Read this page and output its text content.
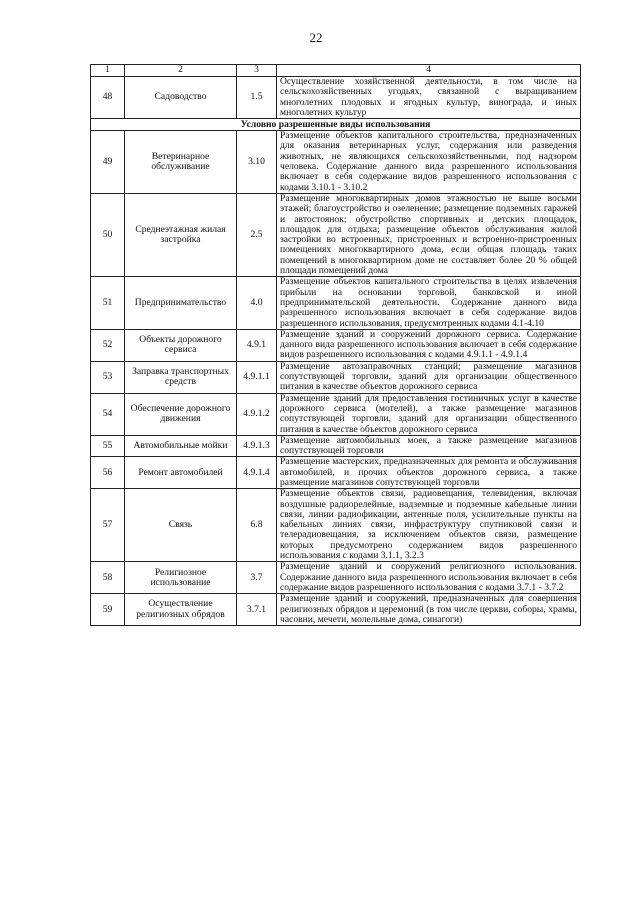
22
1	2	3	4
48	Садоводство	1.5	Осуществление хозяйственной деятельности, в том числе на сельскохозяйственных угодьях, связанной с выращиванием многолетних плодовых и ягодных культур, винограда, и иных многолетних культур
Условно разрешенные виды использования			
49	Ветеринарное обслуживание	3.10	Размещение объектов капитального строительства, предназначенных для оказания ветеринарных услуг, содержания или разведения животных, не являющихся сельскохозяйственными, под надзором человека. Содержание данного вида разрешенного использования включает в себя содержание видов разрешенного использования с кодами 3.10.1 - 3.10.2
50	Среднеэтажная жилая застройка	2.5	Размещение многоквартирных домов этажностью не выше восьми этажей; благоустройство и озеленение; размещение подземных гаражей и автостоянок; обустройство спортивных и детских площадок, площадок для отдыха; размещение объектов обслуживания жилой застройки во встроенных, пристроенных и встроенно-пристроенных помещениях многоквартирного дома, если общая площадь таких помещений в многоквартирном доме не составляет более 20 % общей площади помещений дома
51	Предпринимательство	4.0	Размещение объектов капитального строительства в целях извлечения прибыли на основании торговой, банковской и иной предпринимательской деятельности. Содержание данного вида разрешенного использования включает в себя содержание видов разрешенного использования, предусмотренных кодами 4.1-4.10
52	Объекты дорожного сервиса	4.9.1	Размещение зданий и сооружений дорожного сервиса. Содержание данного вида разрешенного использования включает в себя содержание видов разрешенного использования с кодами 4.9.1.1 - 4.9.1.4
53	Заправка транспортных средств	4.9.1.1	Размещение автозаправочных станций; размещение магазинов сопутствующей торговли, зданий для организации общественного питания в качестве объектов дорожного сервиса
54	Обеспечение дорожного движения	4.9.1.2	Размещение зданий для предоставления гостиничных услуг в качестве дорожного сервиса (мотелей), а также размещение магазинов сопутствующей торговли, зданий для организации общественного питания в качестве объектов дорожного сервиса
55	Автомобильные мойки	4.9.1.3	Размещение автомобильных моек, а также размещение магазинов сопутствующей торговли
56	Ремонт автомобилей	4.9.1.4	Размещение мастерских, предназначенных для ремонта и обслуживания автомобилей, и прочих объектов дорожного сервиса, а также размещение магазинов сопутствующей торговли
57	Связь	6.8	Размещение объектов связи, радиовещания, телевидения, включая воздушные радиорелейные, надземные и подземные кабельные линии связи, линии радиофикации, антенные поля, усилительные пункты на кабельных линиях связи, инфраструктуру спутниковой связи и телерадиовещания, за исключением объектов связи, размещение которых предусмотрено содержанием видов разрешенного использования с кодами 3.1.1, 3.2.3
58	Религиозное использование	3.7	Размещение зданий и сооружений религиозного использования. Содержание данного вида разрешенного использования включает в себя содержание видов разрешенного использования с кодами 3.7.1 - 3.7.2
59	Осуществление религиозных обрядов	3.7.1	Размещение зданий и сооружений, предназначенных для совершения религиозных обрядов и церемоний (в том числе церкви, соборы, храмы, часовни, мечети, молельные дома, синагоги)
